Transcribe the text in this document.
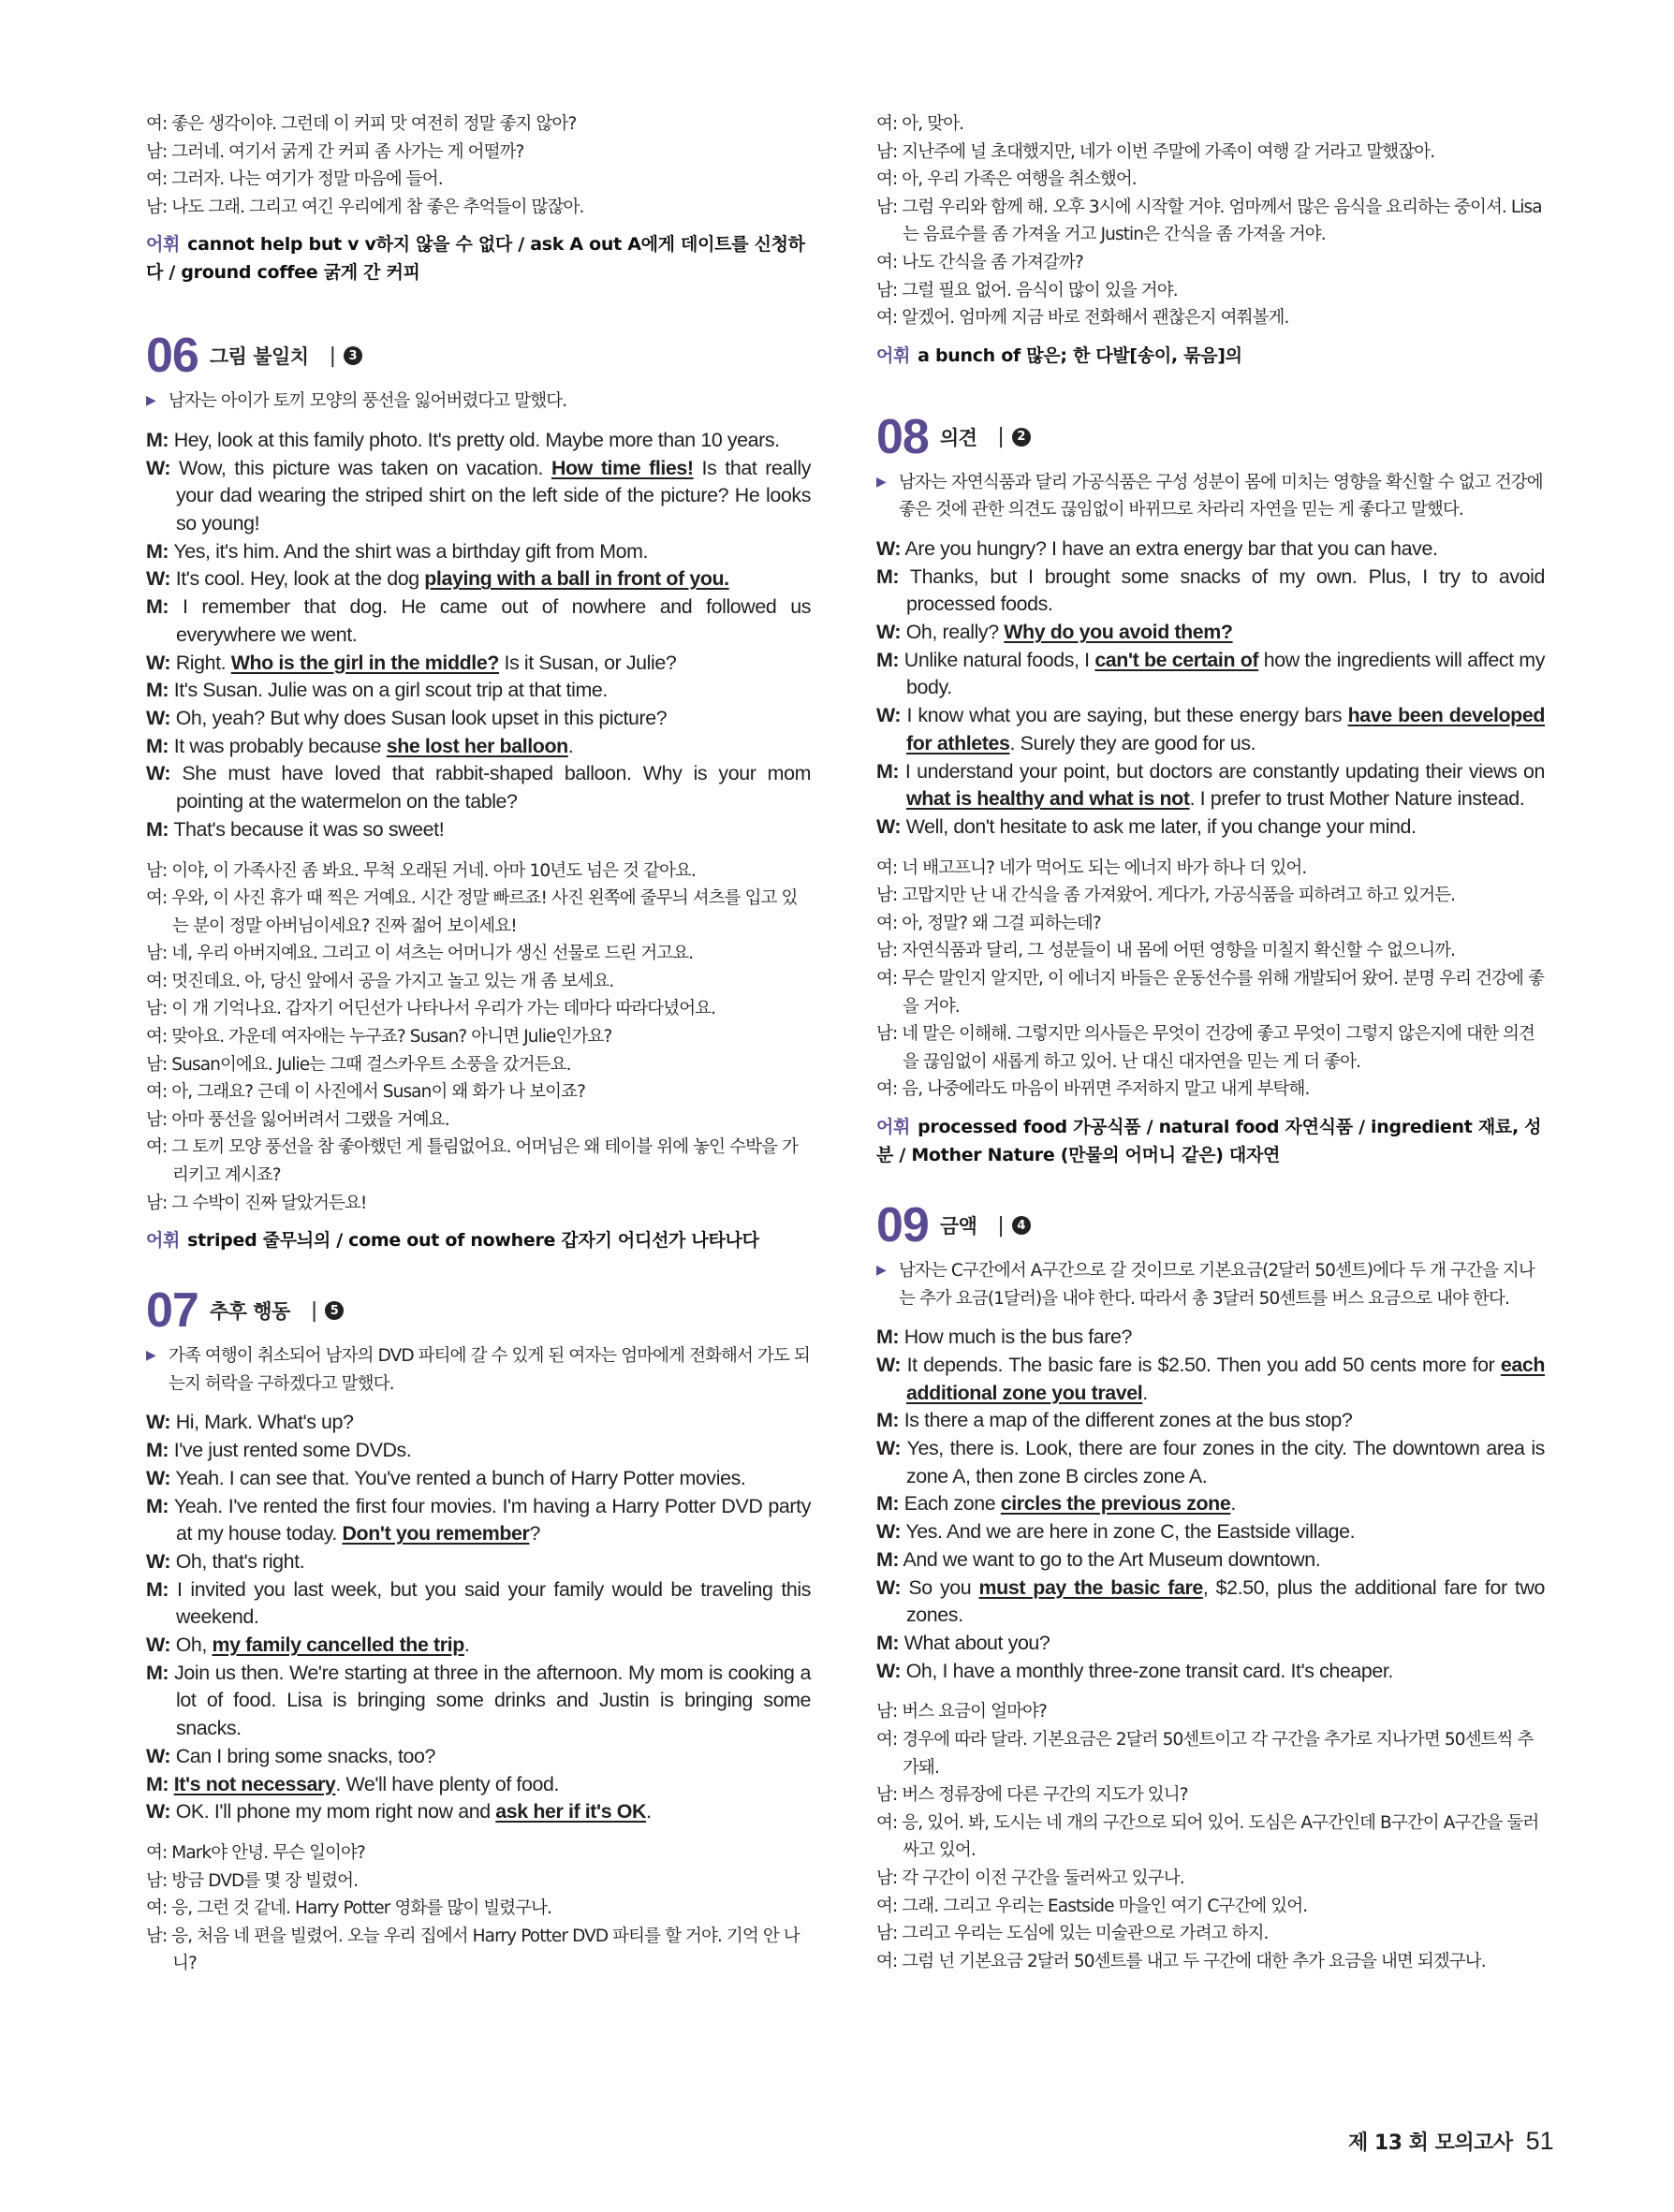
여: 좋은 생각이야. 그런데 이 커피 맛 여전히 정말 좋지 않아?
남: 그러네. 여기서 굵게 간 커피 좀 사가는 게 어떨까?
여: 그러자. 나는 여기가 정말 마음에 들어.
남: 나도 그래. 그리고 여긴 우리에게 참 좋은 추억들이 많잖아.
어휘 cannot help but v v하지 않을 수 없다 / ask A out A에게 데이트를 신청하다 / ground coffee 굵게 간 커피
06 그림 불일치 |	3
▶ 남자는 아이가 토끼 모양의 풍선을 잃어버렸다고 말했다.
M: Hey, look at this family photo. It's pretty old. Maybe more than 10 years.
W: Wow, this picture was taken on vacation. How time flies! Is that really your dad wearing the striped shirt on the left side of the picture? He looks so young!
M: Yes, it's him. And the shirt was a birthday gift from Mom.
W: It's cool. Hey, look at the dog playing with a ball in front of you.
M: I remember that dog. He came out of nowhere and followed us everywhere we went.
W: Right. Who is the girl in the middle? Is it Susan, or Julie?
M: It's Susan. Julie was on a girl scout trip at that time.
W: Oh, yeah? But why does Susan look upset in this picture?
M: It was probably because she lost her balloon.
W: She must have loved that rabbit-shaped balloon. Why is your mom pointing at the watermelon on the table?
M: That's because it was so sweet!
남: 이야, 이 가족사진 좀 봐요. 무척 오래된 거네. 아마 10년도 넘은 것 같아요.
여: 우와, 이 사진 휴가 때 찍은 거예요. 시간 정말 빠르죠! 사진 왼쪽에 줄무늬 셔츠를 입고 있는 분이 정말 아버님이세요? 진짜 젊어 보이세요!
남: 네, 우리 아버지예요. 그리고 이 셔츠는 어머니가 생신 선물로 드린 거고요.
여: 멋진데요. 아, 당신 앞에서 공을 가지고 놀고 있는 개 좀 보세요.
남: 이 개 기억나요. 갑자기 어딘선가 나타나서 우리가 가는 데마다 따라다녔어요.
여: 맞아요. 가운데 여자애는 누구죠? Susan? 아니면 Julie인가요?
남: Susan이에요. Julie는 그때 걸스카우트 소풍을 갔거든요.
여: 아, 그래요? 근데 이 사진에서 Susan이 왜 화가 나 보이죠?
남: 아마 풍선을 잃어버려서 그랬을 거예요.
여: 그 토끼 모양 풍선을 참 좋아했던 게 틀림없어요. 어머님은 왜 테이블 위에 놓인 수박을 가리키고 계시죠?
남: 그 수박이 진짜 달았거든요!
어휘 striped 줄무늬의 / come out of nowhere 갑자기 어디선가 나타나다
07 추후 행동 |	5
▶ 가족 여행이 취소되어 남자의 DVD 파티에 갈 수 있게 된 여자는 엄마에게 전화해서 가도 되는지 허락을 구하겠다고 말했다.
W: Hi, Mark. What's up?
M: I've just rented some DVDs.
W: Yeah. I can see that. You've rented a bunch of Harry Potter movies.
M: Yeah. I've rented the first four movies. I'm having a Harry Potter DVD party at my house today. Don't you remember?
W: Oh, that's right.
M: I invited you last week, but you said your family would be traveling this weekend.
W: Oh, my family cancelled the trip.
M: Join us then. We're starting at three in the afternoon. My mom is cooking a lot of food. Lisa is bringing some drinks and Justin is bringing some snacks.
W: Can I bring some snacks, too?
M: It's not necessary. We'll have plenty of food.
W: OK. I'll phone my mom right now and ask her if it's OK.
여: Mark야 안녕. 무슨 일이야?
남: 방금 DVD를 몇 장 빌렸어.
여: 응, 그런 것 같네. Harry Potter 영화를 많이 빌렸구나.
남: 응, 처음 네 편을 빌렸어. 오늘 우리 집에서 Harry Potter DVD 파티를 할 거야. 기억 안 나니?
여: 아, 맞아.
남: 지난주에 널 초대했지만, 네가 이번 주말에 가족이 여행 갈 거라고 말했잖아.
여: 아, 우리 가족은 여행을 취소했어.
남: 그럼 우리와 함께 해. 오후 3시에 시작할 거야. 엄마께서 많은 음식을 요리하는 중이셔. Lisa는 음료수를 좀 가져올 거고 Justin은 간식을 좀 가져올 거야.
여: 나도 간식을 좀 가져갈까?
남: 그럴 필요 없어. 음식이 많이 있을 거야.
여: 알겠어. 엄마께 지금 바로 전화해서 괜찮은지 여쭤볼게.
어휘 a bunch of 많은; 한 다발[송이, 묶음]의
08 의견 |	2
▶ 남자는 자연식품과 달리 가공식품은 구성 성분이 몸에 미치는 영향을 확신할 수 없고 건강에 좋은 것에 관한 의견도 끊임없이 바뀌므로 차라리 자연을 믿는 게 좋다고 말했다.
W: Are you hungry? I have an extra energy bar that you can have.
M: Thanks, but I brought some snacks of my own. Plus, I try to avoid processed foods.
W: Oh, really? Why do you avoid them?
M: Unlike natural foods, I can't be certain of how the ingredients will affect my body.
W: I know what you are saying, but these energy bars have been developed for athletes. Surely they are good for us.
M: I understand your point, but doctors are constantly updating their views on what is healthy and what is not. I prefer to trust Mother Nature instead.
W: Well, don't hesitate to ask me later, if you change your mind.
여: 너 배고프니? 네가 먹어도 되는 에너지 바가 하나 더 있어.
남: 고맙지만 난 내 간식을 좀 가져왔어. 게다가, 가공식품을 피하려고 하고 있거든.
여: 아, 정말? 왜 그걸 피하는데?
남: 자연식품과 달리, 그 성분들이 내 몸에 어떤 영향을 미칠지 확신할 수 없으니까.
여: 무슨 말인지 알지만, 이 에너지 바들은 운동선수를 위해 개발되어 왔어. 분명 우리 건강에 좋을 거야.
남: 네 말은 이해해. 그렇지만 의사들은 무엇이 건강에 좋고 무엇이 그렇지 않은지에 대한 의견을 끊임없이 새롭게 하고 있어. 난 대신 대자연을 믿는 게 더 좋아.
여: 음, 나중에라도 마음이 바뀌면 주저하지 말고 내게 부탁해.
어휘 processed food 가공식품 / natural food 자연식품 / ingredient 재료, 성분 / Mother Nature (만물의 어머니 같은) 대자연
09 금액 |	4
▶ 남자는 C구간에서 A구간으로 갈 것이므로 기본요금(2달러 50센트)에다 두 개 구간을 지나는 추가 요금(1달러)을 내야 한다. 따라서 총 3달러 50센트를 버스 요금으로 내야 한다.
M: How much is the bus fare?
W: It depends. The basic fare is $2.50. Then you add 50 cents more for each additional zone you travel.
M: Is there a map of the different zones at the bus stop?
W: Yes, there is. Look, there are four zones in the city. The downtown area is zone A, then zone B circles zone A.
M: Each zone circles the previous zone.
W: Yes. And we are here in zone C, the Eastside village.
M: And we want to go to the Art Museum downtown.
W: So you must pay the basic fare, $2.50, plus the additional fare for two zones.
M: What about you?
W: Oh, I have a monthly three-zone transit card. It's cheaper.
남: 버스 요금이 얼마야?
여: 경우에 따라 달라. 기본요금은 2달러 50센트이고 각 구간을 추가로 지나가면 50센트씩 추가돼.
남: 버스 정류장에 다른 구간의 지도가 있니?
여: 응, 있어. 봐, 도시는 네 개의 구간으로 되어 있어. 도심은 A구간인데 B구간이 A구간을 둘러싸고 있어.
남: 각 구간이 이전 구간을 둘러싸고 있구나.
여: 그래. 그리고 우리는 Eastside 마을인 여기 C구간에 있어.
남: 그리고 우리는 도심에 있는 미술관으로 가려고 하지.
여: 그럼 넌 기본요금 2달러 50센트를 내고 두 구간에 대한 추가 요금을 내면 되겠구나.
제 13 회 모의고사 51
